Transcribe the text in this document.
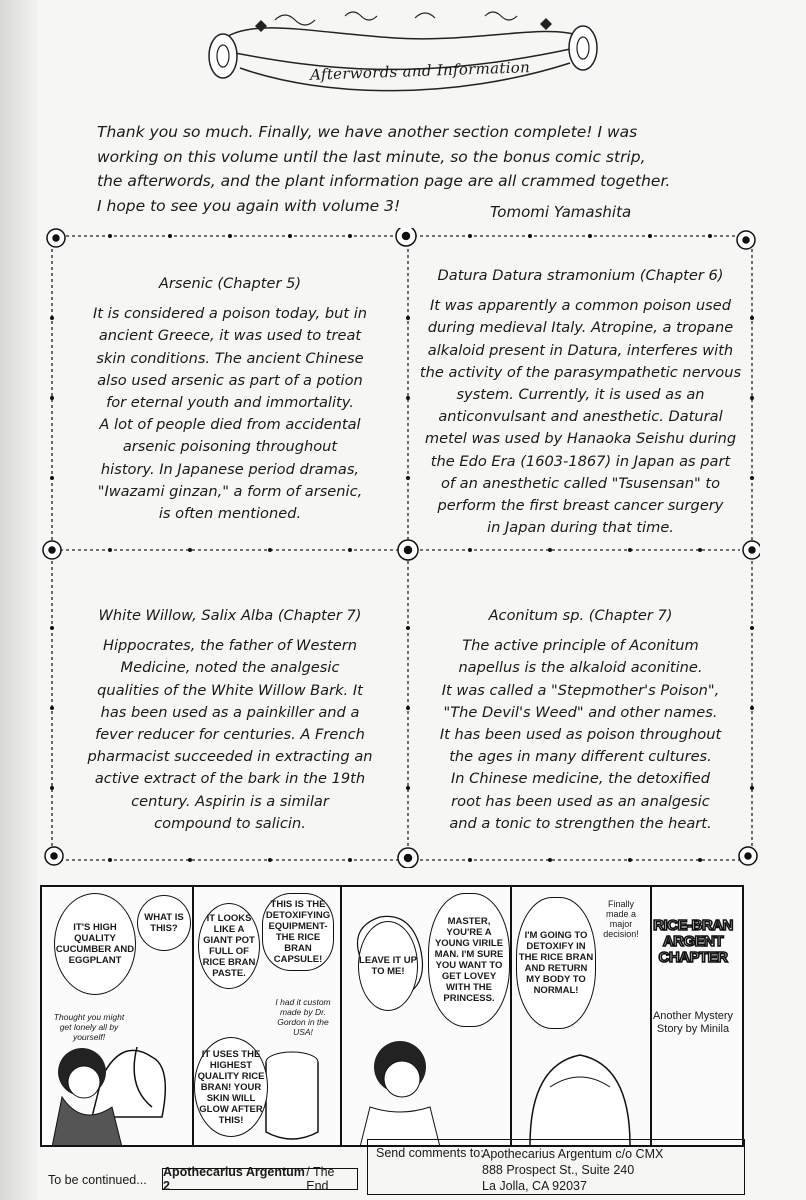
Afterwords and Information
Thank you so much. Finally, we have another section complete! I was
working on this volume until the last minute, so the bonus comic strip,
the afterwords, and the plant information page are all crammed together.
I hope to see you again with volume 3!	Tomomi Yamashita
Arsenic (Chapter 5)
It is considered a poison today, but in
ancient Greece, it was used to treat
skin conditions. The ancient Chinese
also used arsenic as part of a potion
for eternal youth and immortality.
A lot of people died from accidental
arsenic poisoning throughout
history. In Japanese period dramas,
"Iwazami ginzan," a form of arsenic,
is often mentioned.
Datura Datura stramonium (Chapter 6)
It was apparently a common poison used
during medieval Italy. Atropine, a tropane
alkaloid present in Datura, interferes with
the activity of the parasympathetic nervous
system. Currently, it is used as an
anticonvulsant and anesthetic. Datural
metel was used by Hanaoka Seishu during
the Edo Era (1603-1867) in Japan as part
of an anesthetic called "Tsusensan" to
perform the first breast cancer surgery
in Japan during that time.
White Willow, Salix Alba (Chapter 7)
Hippocrates, the father of Western
Medicine, noted the analgesic
qualities of the White Willow Bark. It
has been used as a painkiller and a
fever reducer for centuries. A French
pharmacist succeeded in extracting an
active extract of the bark in the 19th
century. Aspirin is a similar
compound to salicin.
Aconitum sp. (Chapter 7)
The active principle of Aconitum
napellus is the alkaloid aconitine.
It was called a "Stepmother's Poison",
"The Devil's Weed" and other names.
It has been used as poison throughout
the ages in many different cultures.
In Chinese medicine, the detoxified
root has been used as an analgesic
and a tonic to strengthen the heart.
IT'S HIGH QUALITY CUCUMBER AND EGGPLANT
Thought you might get lonely all by yourself!
WHAT IS THIS?
IT LOOKS LIKE A GIANT POT FULL OF RICE BRAN PASTE.
THIS IS THE DETOXIFYING EQUIPMENT- THE RICE BRAN CAPSULE!
I had it custom made by Dr. Gordon in the USA!
IT USES THE HIGHEST QUALITY RICE BRAN! YOUR SKIN WILL GLOW AFTER THIS!
LEAVE IT UP TO ME!
MASTER, YOU'RE A YOUNG VIRILE MAN. I'M SURE YOU WANT TO GET LOVEY WITH THE PRINCESS.
I'M GOING TO DETOXIFY IN THE RICE BRAN AND RETURN MY BODY TO NORMAL!
Finally made a major decision! RICE-BRAN ARGENT CHAPTER
Another Mystery Story by Minila
To be continued...
Apothecarius Argentum 2
/ The End
Send comments to:
Apothecarius Argentum c/o CMX
888 Prospect St., Suite 240
La Jolla, CA 92037
